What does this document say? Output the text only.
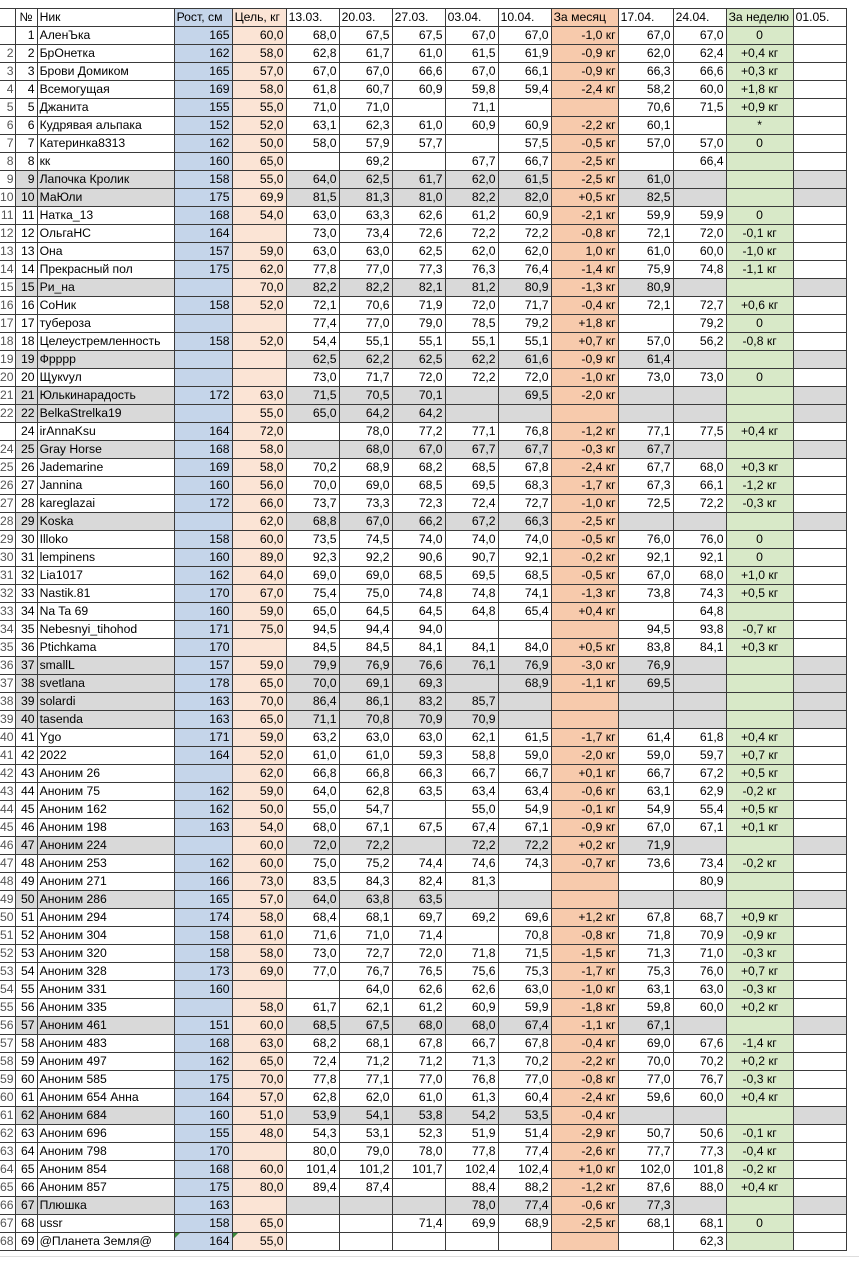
	№	Ник	Рост, см	Цель, кг	13.03.	20.03.	27.03.	03.04.	10.04.	За месяц	17.04.	24.04.	За неделю	01.05.
	1	АленЪка	165	60,0	68,0	67,5	67,5	67,0	67,0	-1,0 кг	67,0	67,0	0	
2	2	БрОнетка	162	58,0	62,8	61,7	61,0	61,5	61,9	-0,9 кг	62,0	62,4	+0,4 кг	
3	3	Брови Домиком	165	57,0	67,0	67,0	66,6	67,0	66,1	-0,9 кг	66,3	66,6	+0,3 кг	
4	4	Всемогущая	169	58,0	61,8	60,7	60,9	59,8	59,4	-2,4 кг	58,2	60,0	+1,8 кг	
5	5	Джанита	155	55,0	71,0	71,0		71,1			70,6	71,5	+0,9 кг	
6	6	Кудрявая альпака	152	52,0	63,1	62,3	61,0	60,9	60,9	-2,2 кг	60,1		*	
7	7	Катеринка8313	162	50,0	58,0	57,9	57,7		57,5	-0,5 кг	57,0	57,0	0	
8	8	кк	160	65,0		69,2		67,7	66,7	-2,5 кг		66,4		
9	9	Лапочка Кролик	158	55,0	64,0	62,5	61,7	62,0	61,5	-2,5 кг	61,0			
10	10	МаЮли	175	69,9	81,5	81,3	81,0	82,2	82,0	+0,5 кг	82,5			
11	11	Натка_13	168	54,0	63,0	63,3	62,6	61,2	60,9	-2,1 кг	59,9	59,9	0	
12	12	ОльгаНС	164		73,0	73,4	72,6	72,2	72,2	-0,8 кг	72,1	72,0	-0,1 кг	
13	13	Она	157	59,0	63,0	63,0	62,5	62,0	62,0	1,0 кг	61,0	60,0	-1,0 кг	
14	14	Прекрасный пол	175	62,0	77,8	77,0	77,3	76,3	76,4	-1,4 кг	75,9	74,8	-1,1 кг	
15	15	Ри_на		70,0	82,2	82,2	82,1	81,2	80,9	-1,3 кг	80,9			
16	16	СоНик	158	52,0	72,1	70,6	71,9	72,0	71,7	-0,4 кг	72,1	72,7	+0,6 кг	
17	17	тубероза			77,4	77,0	79,0	78,5	79,2	+1,8 кг		79,2	0	
18	18	Целеустремленность	158	52,0	54,4	55,1	55,1	55,1	55,1	+0,7 кг	57,0	56,2	-0,8 кг	
19	19	Фрррр			62,5	62,2	62,5	62,2	61,6	-0,9 кг	61,4			
20	20	Щукvул			73,0	71,7	72,0	72,2	72,0	-1,0 кг	73,0	73,0	0	
21	21	Юлькинарадость	172	63,0	71,5	70,5	70,1		69,5	-2,0 кг				
22	22	BelkaStrelka19		55,0	65,0	64,2	64,2							
	24	irAnnaKsu	164	72,0		78,0	77,2	77,1	76,8	-1,2 кг	77,1	77,5	+0,4 кг	
24	25	Gray Horse	168	58,0		68,0	67,0	67,7	67,7	-0,3 кг	67,7			
25	26	Jademarine	169	58,0	70,2	68,9	68,2	68,5	67,8	-2,4 кг	67,7	68,0	+0,3 кг	
26	27	Jannina	160	56,0	70,0	69,0	68,5	69,5	68,3	-1,7 кг	67,3	66,1	-1,2 кг	
27	28	kareglazai	172	66,0	73,7	73,3	72,3	72,4	72,7	-1,0 кг	72,5	72,2	-0,3 кг	
28	29	Koska		62,0	68,8	67,0	66,2	67,2	66,3	-2,5 кг				
29	30	Illoko	158	60,0	73,5	74,5	74,0	74,0	74,0	-0,5 кг	76,0	76,0	0	
30	31	lempinens	160	89,0	92,3	92,2	90,6	90,7	92,1	-0,2 кг	92,1	92,1	0	
31	32	Lia1017	162	64,0	69,0	69,0	68,5	69,5	68,5	-0,5 кг	67,0	68,0	+1,0 кг	
32	33	Nastik.81	170	67,0	75,4	75,0	74,8	74,8	74,1	-1,3 кг	73,8	74,3	+0,5 кг	
33	34	Na Ta 69	160	59,0	65,0	64,5	64,5	64,8	65,4	+0,4 кг		64,8		
34	35	Nebesnyi_tihohod	171	75,0	94,5	94,4	94,0				94,5	93,8	-0,7 кг	
35	36	Ptichkama	170		84,5	84,5	84,1	84,1	84,0	+0,5 кг	83,8	84,1	+0,3 кг	
36	37	smallL	157	59,0	79,9	76,9	76,6	76,1	76,9	-3,0 кг	76,9			
37	38	svetlana	178	65,0	70,0	69,1	69,3		68,9	-1,1 кг	69,5			
38	39	solardi	163	70,0	86,4	86,1	83,2	85,7						
39	40	tasenda	163	65,0	71,1	70,8	70,9	70,9						
40	41	Ygo	171	59,0	63,2	63,0	63,0	62,1	61,5	-1,7 кг	61,4	61,8	+0,4 кг	
41	42	2022	164	52,0	61,0	61,0	59,3	58,8	59,0	-2,0 кг	59,0	59,7	+0,7 кг	
42	43	Аноним 26		62,0	66,8	66,8	66,3	66,7	66,7	+0,1 кг	66,7	67,2	+0,5 кг	
43	44	Аноним 75	162	59,0	64,0	62,8	63,5	63,4	63,4	-0,6 кг	63,1	62,9	-0,2 кг	
44	45	Аноним 162	162	50,0	55,0	54,7		55,0	54,9	-0,1 кг	54,9	55,4	+0,5 кг	
45	46	Аноним 198	163	54,0	68,0	67,1	67,5	67,4	67,1	-0,9 кг	67,0	67,1	+0,1 кг	
46	47	Аноним 224		60,0	72,0	72,2		72,2	72,2	+0,2 кг	71,9			
47	48	Аноним 253	162	60,0	75,0	75,2	74,4	74,6	74,3	-0,7 кг	73,6	73,4	-0,2 кг	
48	49	Аноним 271	166	73,0	83,5	84,3	82,4	81,3				80,9		
49	50	Аноним 286	165	57,0	64,0	63,8	63,5							
50	51	Аноним 294	174	58,0	68,4	68,1	69,7	69,2	69,6	+1,2 кг	67,8	68,7	+0,9 кг	
51	52	Аноним 304	158	61,0	71,6	71,0	71,4		70,8	-0,8 кг	71,8	70,9	-0,9 кг	
52	53	Аноним 320	158	58,0	73,0	72,7	72,0	71,8	71,5	-1,5 кг	71,3	71,0	-0,3 кг	
53	54	Аноним 328	173	69,0	77,0	76,7	76,5	75,6	75,3	-1,7 кг	75,3	76,0	+0,7 кг	
54	55	Аноним 331	160			64,0	62,6	62,6	63,0	-1,0 кг	63,1	63,0	-0,3 кг	
55	56	Аноним 335		58,0	61,7	62,1	61,2	60,9	59,9	-1,8 кг	59,8	60,0	+0,2 кг	
56	57	Аноним 461	151	60,0	68,5	67,5	68,0	68,0	67,4	-1,1 кг	67,1			
57	58	Аноним 483	168	63,0	68,2	68,1	67,8	66,7	67,8	-0,4 кг	69,0	67,6	-1,4 кг	
58	59	Аноним 497	162	65,0	72,4	71,2	71,2	71,3	70,2	-2,2 кг	70,0	70,2	+0,2 кг	
59	60	Аноним 585	175	70,0	77,8	77,1	77,0	76,8	77,0	-0,8 кг	77,0	76,7	-0,3 кг	
60	61	Аноним 654 Анна	164	57,0	62,8	62,0	61,0	61,3	60,4	-2,4 кг	59,6	60,0	+0,4 кг	
61	62	Аноним 684	160	51,0	53,9	54,1	53,8	54,2	53,5	-0,4 кг				
62	63	Аноним 696	155	48,0	54,3	53,1	52,3	51,9	51,4	-2,9 кг	50,7	50,6	-0,1 кг	
63	64	Аноним 798	170		80,0	79,0	78,0	77,8	77,4	-2,6 кг	77,7	77,3	-0,4 кг	
64	65	Аноним 854	168	60,0	101,4	101,2	101,7	102,4	102,4	+1,0 кг	102,0	101,8	-0,2 кг	
65	66	Аноним 857	175	80,0	89,4	87,4		88,4	88,2	-1,2 кг	87,6	88,0	+0,4 кг	
66	67	Плюшка	163					78,0	77,4	-0,6 кг	77,3			
67	68	ussr	158	65,0			71,4	69,9	68,9	-2,5 кг	68,1	68,1	0	
68	69	@Планета Земля@	164	55,0								62,3		
